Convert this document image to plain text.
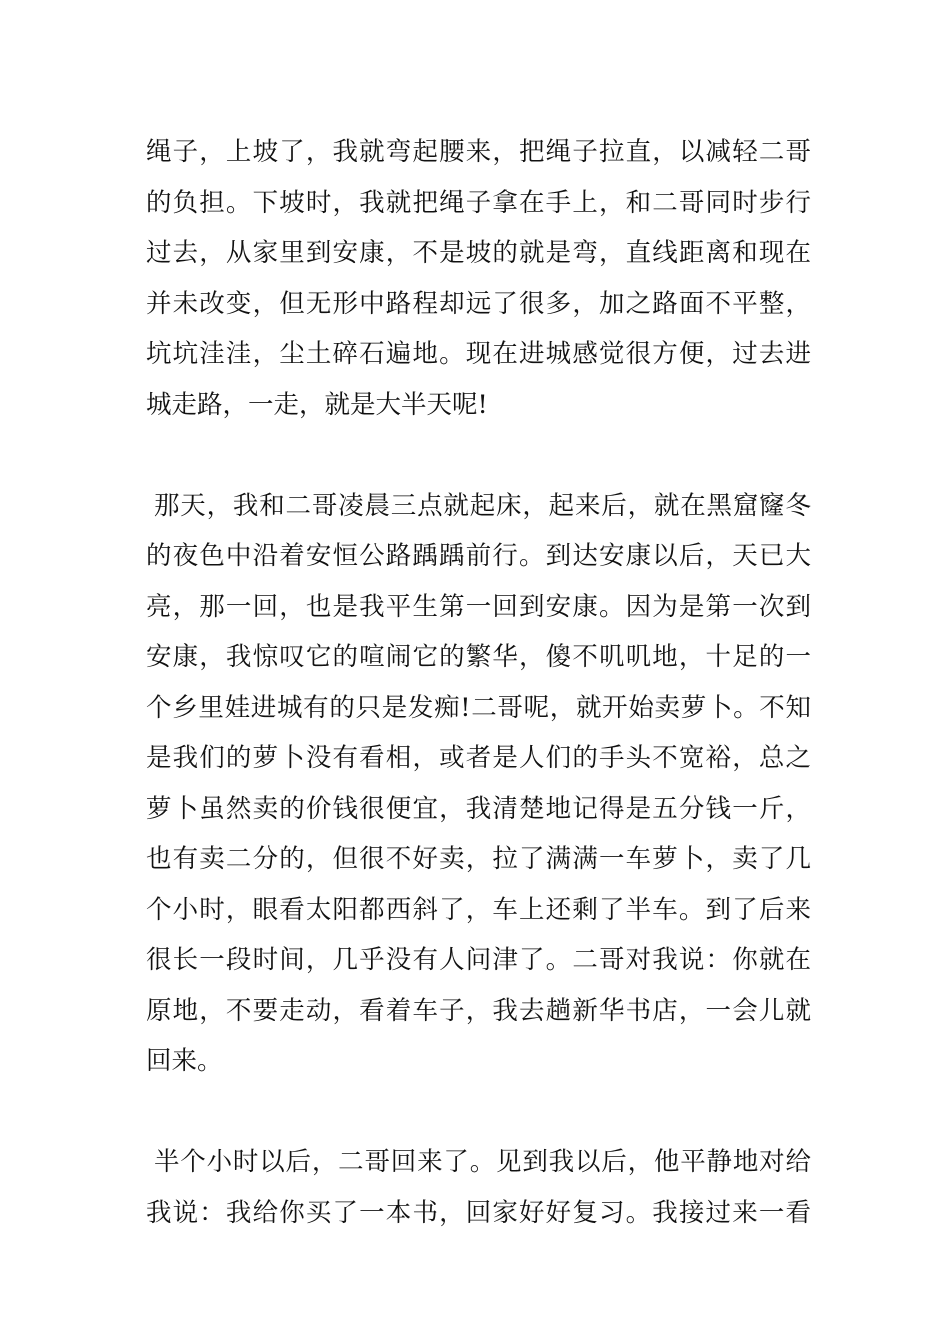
绳子，上坡了，我就弯起腰来，把绳子拉直，以减轻二哥
的负担。下坡时，我就把绳子拿在手上，和二哥同时步行
过去，从家里到安康，不是坡的就是弯，直线距离和现在
并未改变，但无形中路程却远了很多，加之路面不平整，
坑坑洼洼，尘土碎石遍地。现在进城感觉很方便，过去进
城走路，一走，就是大半天呢!
那天，我和二哥凌晨三点就起床，起来后，就在黑窟窿冬
的夜色中沿着安恒公路踽踽前行。到达安康以后，天已大
亮，那一回，也是我平生第一回到安康。因为是第一次到
安康，我惊叹它的喧闹它的繁华，傻不叽叽地，十足的一
个乡里娃进城有的只是发痴!二哥呢，就开始卖萝卜。不知
是我们的萝卜没有看相，或者是人们的手头不宽裕，总之
萝卜虽然卖的价钱很便宜，我清楚地记得是五分钱一斤，
也有卖二分的，但很不好卖，拉了满满一车萝卜，卖了几
个小时，眼看太阳都西斜了，车上还剩了半车。到了后来
很长一段时间，几乎没有人问津了。二哥对我说：你就在
原地，不要走动，看着车子，我去趟新华书店，一会儿就
回来。
半个小时以后，二哥回来了。见到我以后，他平静地对给
我说：我给你买了一本书，回家好好复习。我接过来一看
